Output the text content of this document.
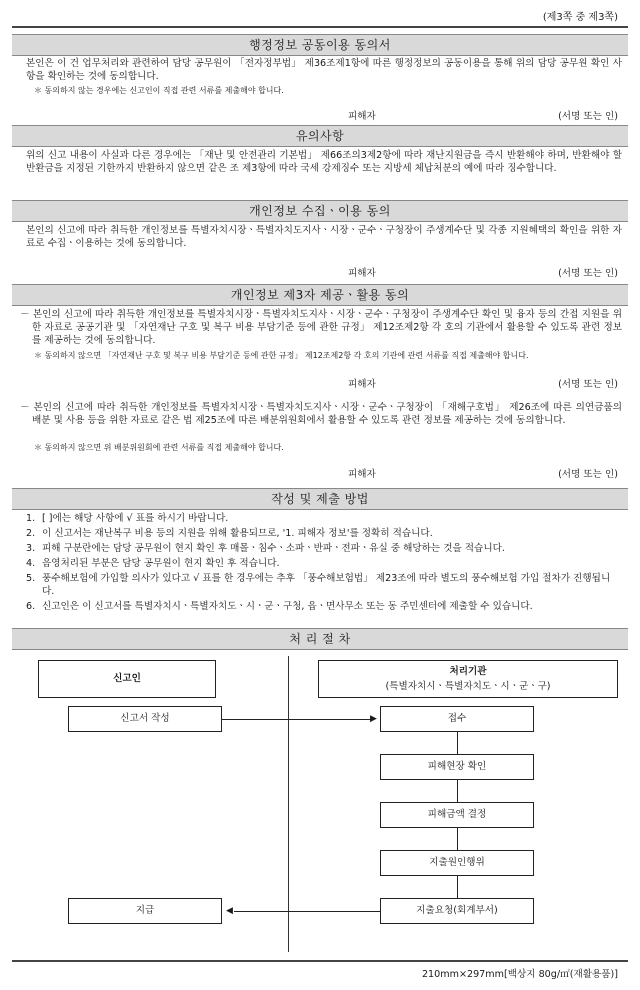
(제3쪽 중 제3쪽)
행정정보 공동이용 동의서
본인은 이 건 업무처리와 관련하여 담당 공무원이 「전자정부법」 제36조제1항에 따른 행정정보의 공동이용을 통해 위의 담당 공무원 확인 사항을 확인하는 것에 동의합니다.
＊ 동의하지 않는 경우에는 신고인이 직접 관련 서류를 제출해야 합니다.
피해자	(서명 또는 인)
유의사항
위의 신고 내용이 사실과 다른 경우에는 「재난 및 안전관리 기본법」 제66조의3제2항에 따라 재난지원금을 즉시 반환해야 하며, 반환해야 할 반환금을 지정된 기한까지 반환하지 않으면 같은 조 제3항에 따라 국세 강제징수 또는 지방세 체납처분의 예에 따라 징수합니다.
개인정보 수집ㆍ이용 동의
본인의 신고에 따라 취득한 개인정보를 특별자치시장ㆍ특별자치도지사ㆍ시장ㆍ군수ㆍ구청장이 주생계수단 및 각종 지원혜택의 확인을 위한 자료로 수집ㆍ이용하는 것에 동의합니다.
피해자	(서명 또는 인)
개인정보 제3자 제공ㆍ활용 동의
－ 본인의 신고에 따라 취득한 개인정보를 특별자치시장ㆍ특별자치도지사ㆍ시장ㆍ군수ㆍ구청장이 주생계수단 확인 및 융자 등의 간접 지원을 위한 자료로 공공기관 및 「자연재난 구호 및 복구 비용 부담기준 등에 관한 규정」 제12조제2항 각 호의 기관에서 활용할 수 있도록 관련 정보를 제공하는 것에 동의합니다.
＊ 동의하지 않으면 「자연재난 구호 및 복구 비용 부담기준 등에 관한 규정」 제12조제2항 각 호의 기관에 관련 서류를 직접 제출해야 합니다.
피해자	(서명 또는 인)
－ 본인의 신고에 따라 취득한 개인정보를 특별자치시장ㆍ특별자치도지사ㆍ시장ㆍ군수ㆍ구청장이 「재해구호법」 제26조에 따른 의연금품의 배분 및 사용 등을 위한 자료로 같은 법 제25조에 따른 배분위원회에서 활용할 수 있도록 관련 정보를 제공하는 것에 동의합니다.
＊ 동의하지 않으면 위 배분위원회에 관련 서류를 직접 제출해야 합니다.
피해자	(서명 또는 인)
작성 및 제출 방법
1. [ ]에는 해당 사항에 √ 표를 하시기 바랍니다.
2. 이 신고서는 재난복구 비용 등의 지원을 위해 활용되므로, '1. 피해자 정보'를 정확히 적습니다.
3. 피해 구분란에는 담당 공무원이 현지 확인 후 매몰ㆍ침수ㆍ소파ㆍ반파ㆍ전파ㆍ유실 중 해당하는 것을 적습니다.
4. 음영처리된 부분은 담당 공무원이 현지 확인 후 적습니다.
5. 풍수해보험에 가입할 의사가 있다고 √ 표를 한 경우에는 추후 「풍수해보험법」 제23조에 따라 별도의 풍수해보험 가입 절차가 진행됩니다.
6. 신고인은 이 신고서를 특별자치시ㆍ특별자치도ㆍ시ㆍ군ㆍ구청, 읍ㆍ면사무소 또는 동 주민센터에 제출할 수 있습니다.
처 리 절 차
신고인
처리기관
(특별자치시ㆍ특별자치도ㆍ시ㆍ군ㆍ구)
신고서 작성	▶	접수
피해현장 확인
피해금액 결정
지출원인행위
지출요청(회계부서)
◀
지급
210mm×297mm[백상지 80g/㎡(재활용품)]
